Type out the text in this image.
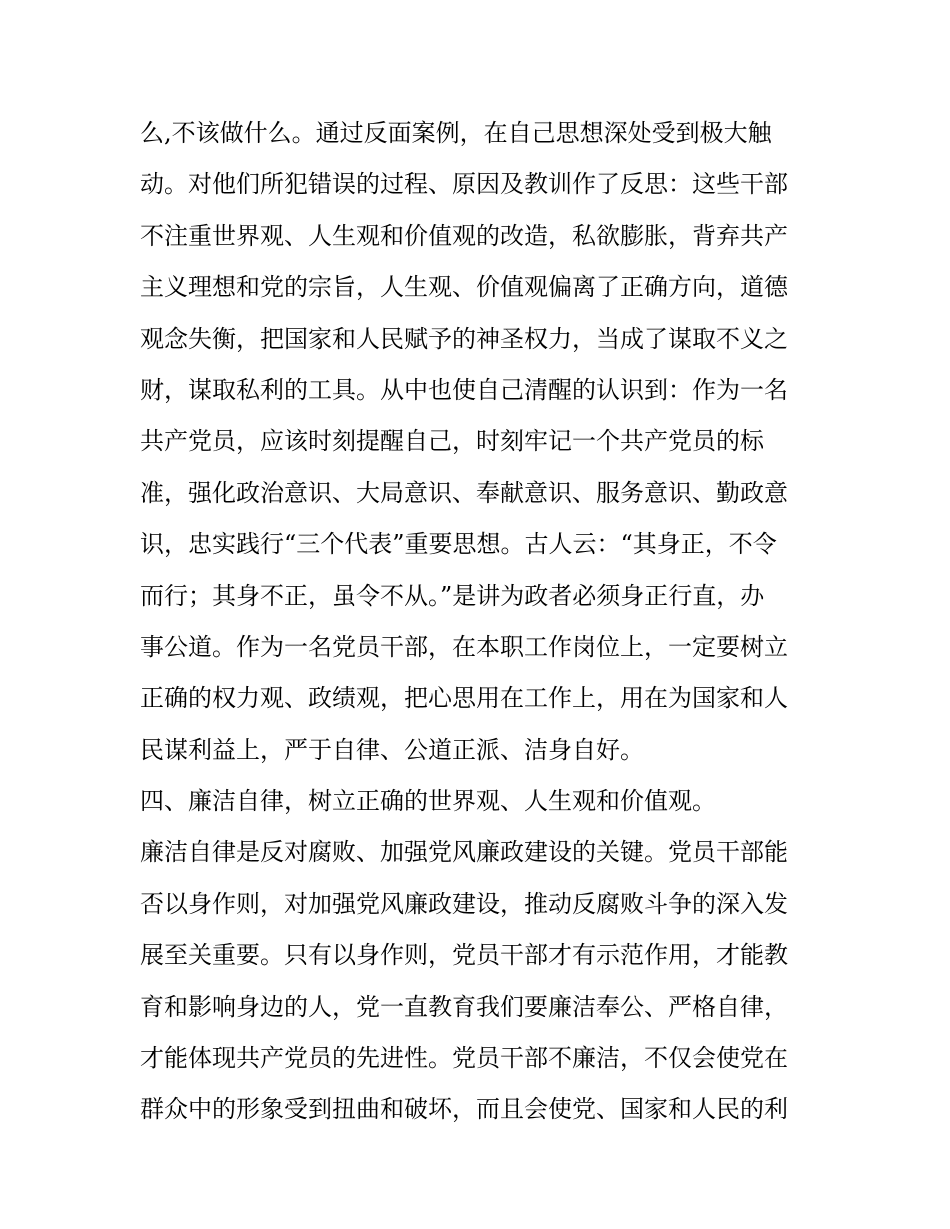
么,不该做什么。通过反面案例，在自己思想深处受到极大触
动。对他们所犯错误的过程、原因及教训作了反思：这些干部
不注重世界观、人生观和价值观的改造，私欲膨胀，背弃共产
主义理想和党的宗旨，人生观、价值观偏离了正确方向，道德
观念失衡，把国家和人民赋予的神圣权力，当成了谋取不义之
财，谋取私利的工具。从中也使自己清醒的认识到：作为一名
共产党员，应该时刻提醒自己，时刻牢记一个共产党员的标
准，强化政治意识、大局意识、奉献意识、服务意识、勤政意
识，忠实践行“三个代表”重要思想。古人云：“其身正，不令
而行；其身不正，虽令不从。”是讲为政者必须身正行直，办
事公道。作为一名党员干部，在本职工作岗位上，一定要树立
正确的权力观、政绩观，把心思用在工作上，用在为国家和人
民谋利益上，严于自律、公道正派、洁身自好。
四、廉洁自律，树立正确的世界观、人生观和价值观。
廉洁自律是反对腐败、加强党风廉政建设的关键。党员干部能
否以身作则，对加强党风廉政建设，推动反腐败斗争的深入发
展至关重要。只有以身作则，党员干部才有示范作用，才能教
育和影响身边的人，党一直教育我们要廉洁奉公、严格自律，
才能体现共产党员的先进性。党员干部不廉洁，不仅会使党在
群众中的形象受到扭曲和破坏，而且会使党、国家和人民的利
